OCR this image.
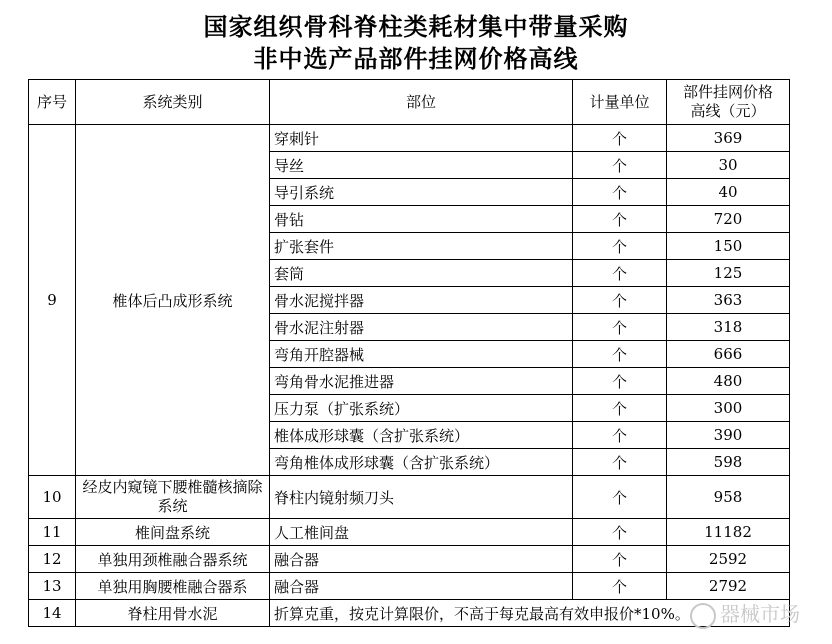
国家组织骨科脊柱类耗材集中带量采购
非中选产品部件挂网价格高线
序号	系统类别	部位	计量单位	部件挂网价格
高线（元）
9	椎体后凸成形系统	穿刺针	个	369
		导丝	个	30
		导引系统	个	40
		骨钻	个	720
		扩张套件	个	150
		套筒	个	125
		骨水泥搅拌器	个	363
		骨水泥注射器	个	318
		弯角开腔器械	个	666
		弯角骨水泥推进器	个	480
		压力泵（扩张系统）	个	300
		椎体成形球囊（含扩张系统）	个	390
		弯角椎体成形球囊（含扩张系统）	个	598
10	经皮内窥镜下腰椎髓核摘除系统	脊柱内镜射频刀头	个	958
11	椎间盘系统	人工椎间盘	个	11182
12	单独用颈椎融合器系统	融合器	个	2592
13	单独用胸腰椎融合器系	融合器	个	2792
14	脊柱用骨水泥	折算克重，按克计算限价，不高于每克最高有效申报价*10%。			器械市场
